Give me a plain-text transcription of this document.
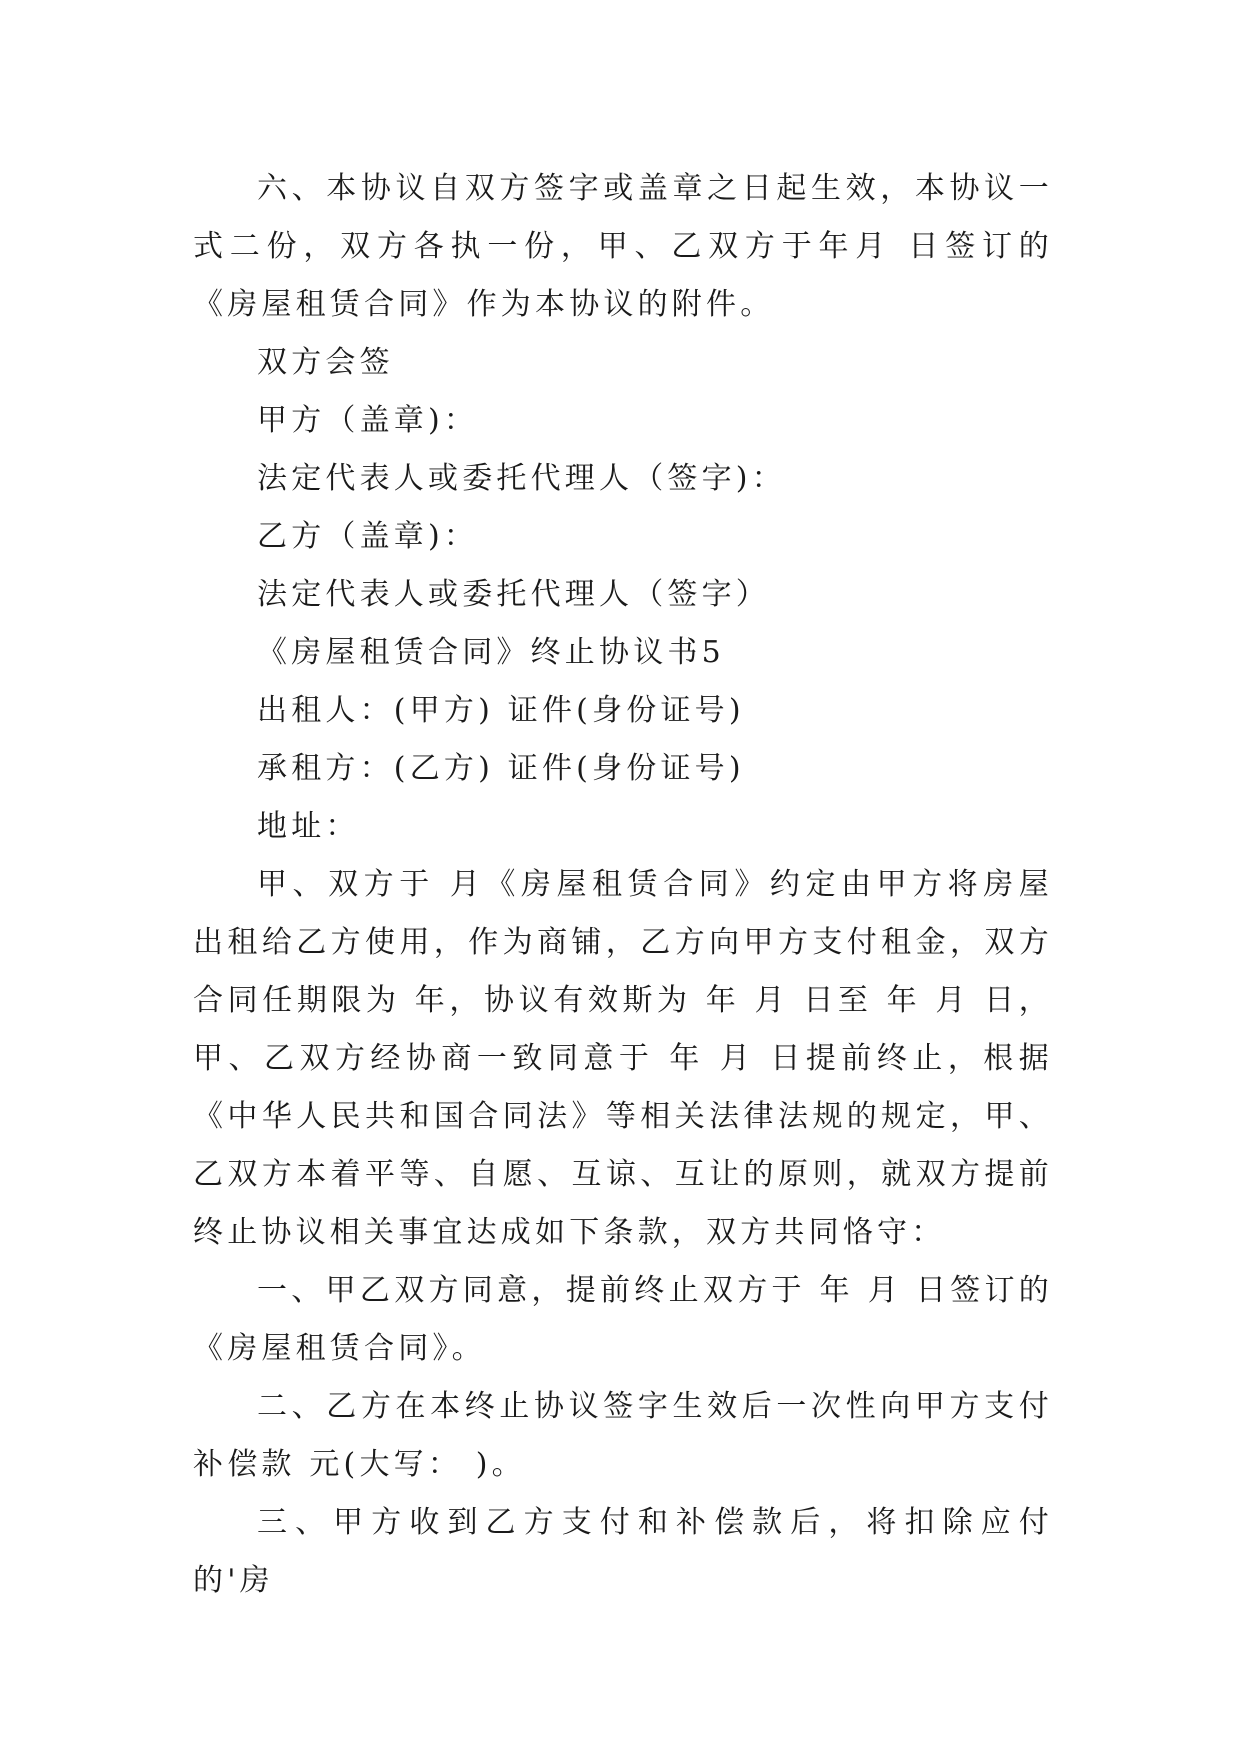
六、本协议自双方签字或盖章之日起生效，本协议一式二份，双方各执一份，甲、乙双方于年月 日签订的《房屋租赁合同》作为本协议的附件。

双方会签

甲方（盖章)：

法定代表人或委托代理人（签字)：

乙方（盖章)：

法定代表人或委托代理人（签字）

《房屋租赁合同》终止协议书5

出租人：(甲方) 证件(身份证号)

承租方：(乙方) 证件(身份证号)

地址：

甲、双方于 月《房屋租赁合同》约定由甲方将房屋出租给乙方使用，作为商铺，乙方向甲方支付租金，双方合同任期限为 年，协议有效斯为 年 月 日至 年 月 日，甲、乙双方经协商一致同意于 年 月 日提前终止，根据《中华人民共和国合同法》等相关法律法规的规定，甲、乙双方本着平等、自愿、互谅、互让的原则，就双方提前终止协议相关事宜达成如下条款，双方共同恪守：

一、甲乙双方同意，提前终止双方于 年 月 日签订的《房屋租赁合同》。

二、乙方在本终止协议签字生效后一次性向甲方支付补偿款 元(大写： )。

三、甲方收到乙方支付和补偿款后，将扣除应付的'房
